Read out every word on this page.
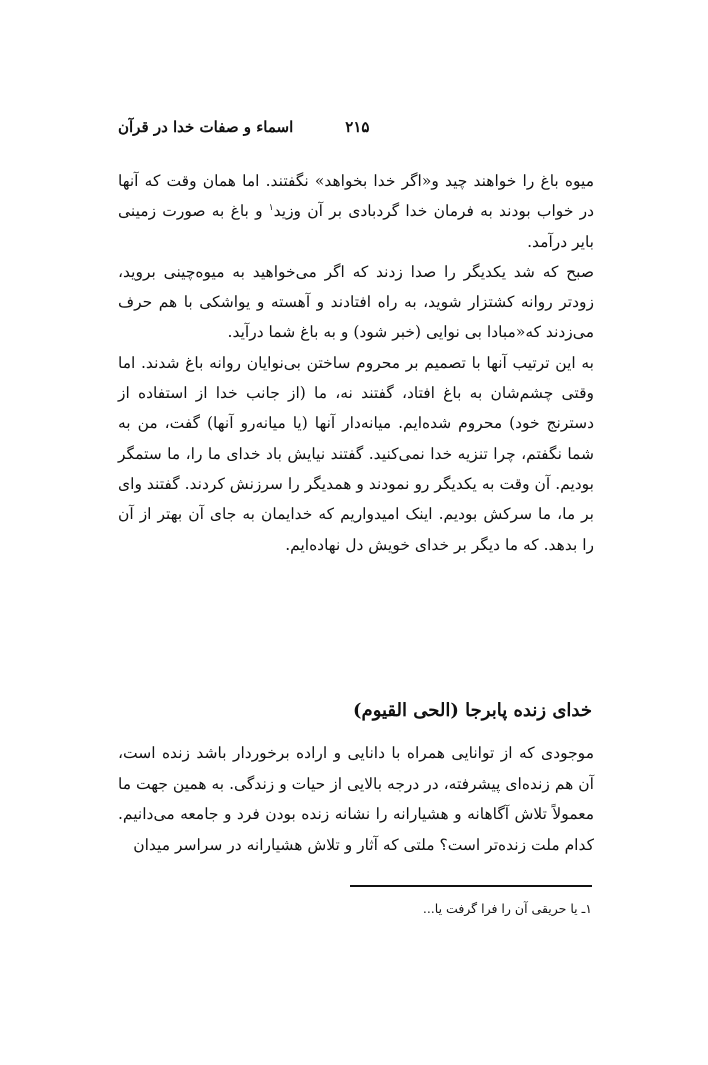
اسماء و صفات خدا در قرآن	۲۱۵

میوه باغ را خواهند چید و«اگر خدا بخواهد» نگفتند. اما همان وقت که آنها در خواب بودند به فرمان خدا گردبادی بر آن وزید$^۱$ و باغ به صورت زمینی بایر درآمد.

صبح که شد یکدیگر را صدا زدند که اگر می‌خواهید به میوه‌چینی بروید، زودتر روانه کشتزار شوید، به راه افتادند و آهسته و یواشکی با هم حرف می‌زدند که«مبادا بی نوایی (خبر شود) و به باغ شما درآید.

به این ترتیب آنها با تصمیم بر محروم ساختن بی‌نوایان روانه باغ شدند. اما وقتی چشم‌شان به باغ افتاد، گفتند نه، ما (از جانب خدا از استفاده از دسترنج خود) محروم شده‌ایم. میانه‌دار آنها (یا میانه‌رو آنها) گفت، من به شما نگفتم، چرا تنزیه خدا نمی‌کنید. گفتند نیایش باد خدای ما را، ما ستمگر بودیم. آن وقت به یکدیگر رو نمودند و همدیگر را سرزنش کردند. گفتند وای بر ما، ما سرکش بودیم. اینک امیدواریم که خدایمان به جای آن بهتر از آن را بدهد. که ما دیگر بر خدای خویش دل نهاده‌ایم.

خدای زنده پابرجا (الحی القیوم)
موجودی که از توانایی همراه با دانایی و اراده برخوردار باشد زنده است، آن هم زنده‌ای پیشرفته، در درجه بالایی از حیات و زندگی. به همین جهت ما معمولاً تلاش آگاهانه و هشیارانه را نشانه زنده بودن فرد و جامعه می‌دانیم. کدام ملت زنده‌تر است؟ ملتی که آثار و تلاش هشیارانه در سراسر میدان
۱ـ یا حریقی آن را فرا گرفت یا...
